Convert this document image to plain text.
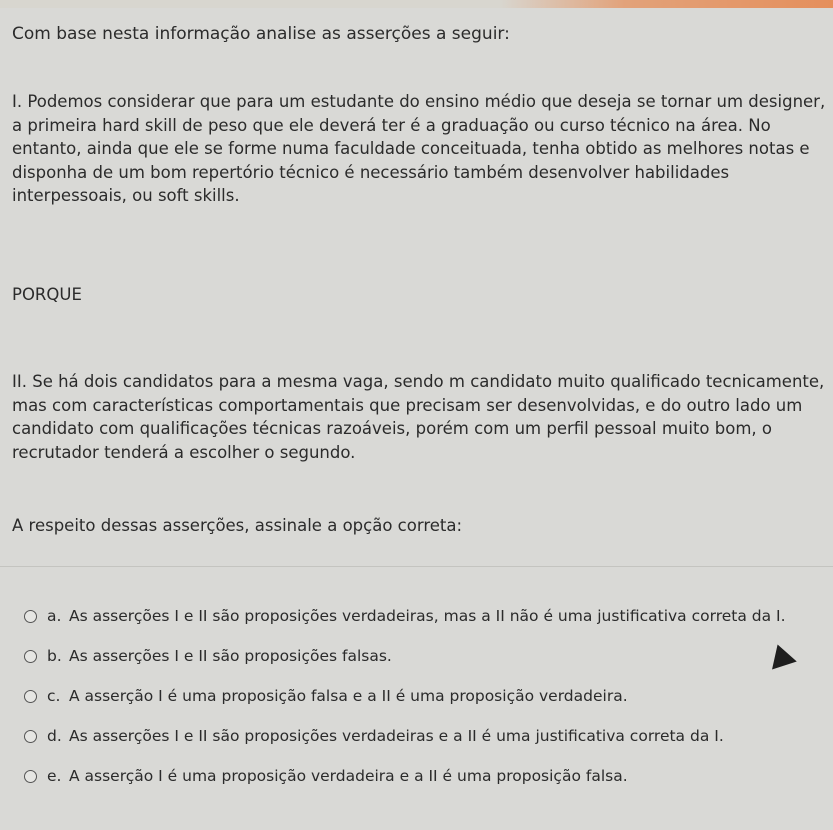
Com base nesta informação analise as asserções a seguir:

I. Podemos considerar que para um estudante do ensino médio que deseja se tornar um designer, a primeira hard skill de peso que ele deverá ter é a graduação ou curso técnico na área. No entanto, ainda que ele se forme numa faculdade conceituada, tenha obtido as melhores notas e disponha de um bom repertório técnico é necessário também desenvolver habilidades interpessoais, ou soft skills.

PORQUE

II. Se há dois candidatos para a mesma vaga, sendo m candidato muito qualificado tecnicamente, mas com características comportamentais que precisam ser desenvolvidas, e do outro lado um candidato com qualificações técnicas razoáveis, porém com um perfil pessoal muito bom, o recrutador tenderá a escolher o segundo.

A respeito dessas asserções, assinale a opção correta:
a. As asserções I e II são proposições verdadeiras, mas a II não é uma justificativa correta da I.
b. As asserções I e II são proposições falsas.
c. A asserção I é uma proposição falsa e a II é uma proposição verdadeira.
d. As asserções I e II são proposições verdadeiras e a II é uma justificativa correta da I.
e. A asserção I é uma proposição verdadeira e a II é uma proposição falsa.
